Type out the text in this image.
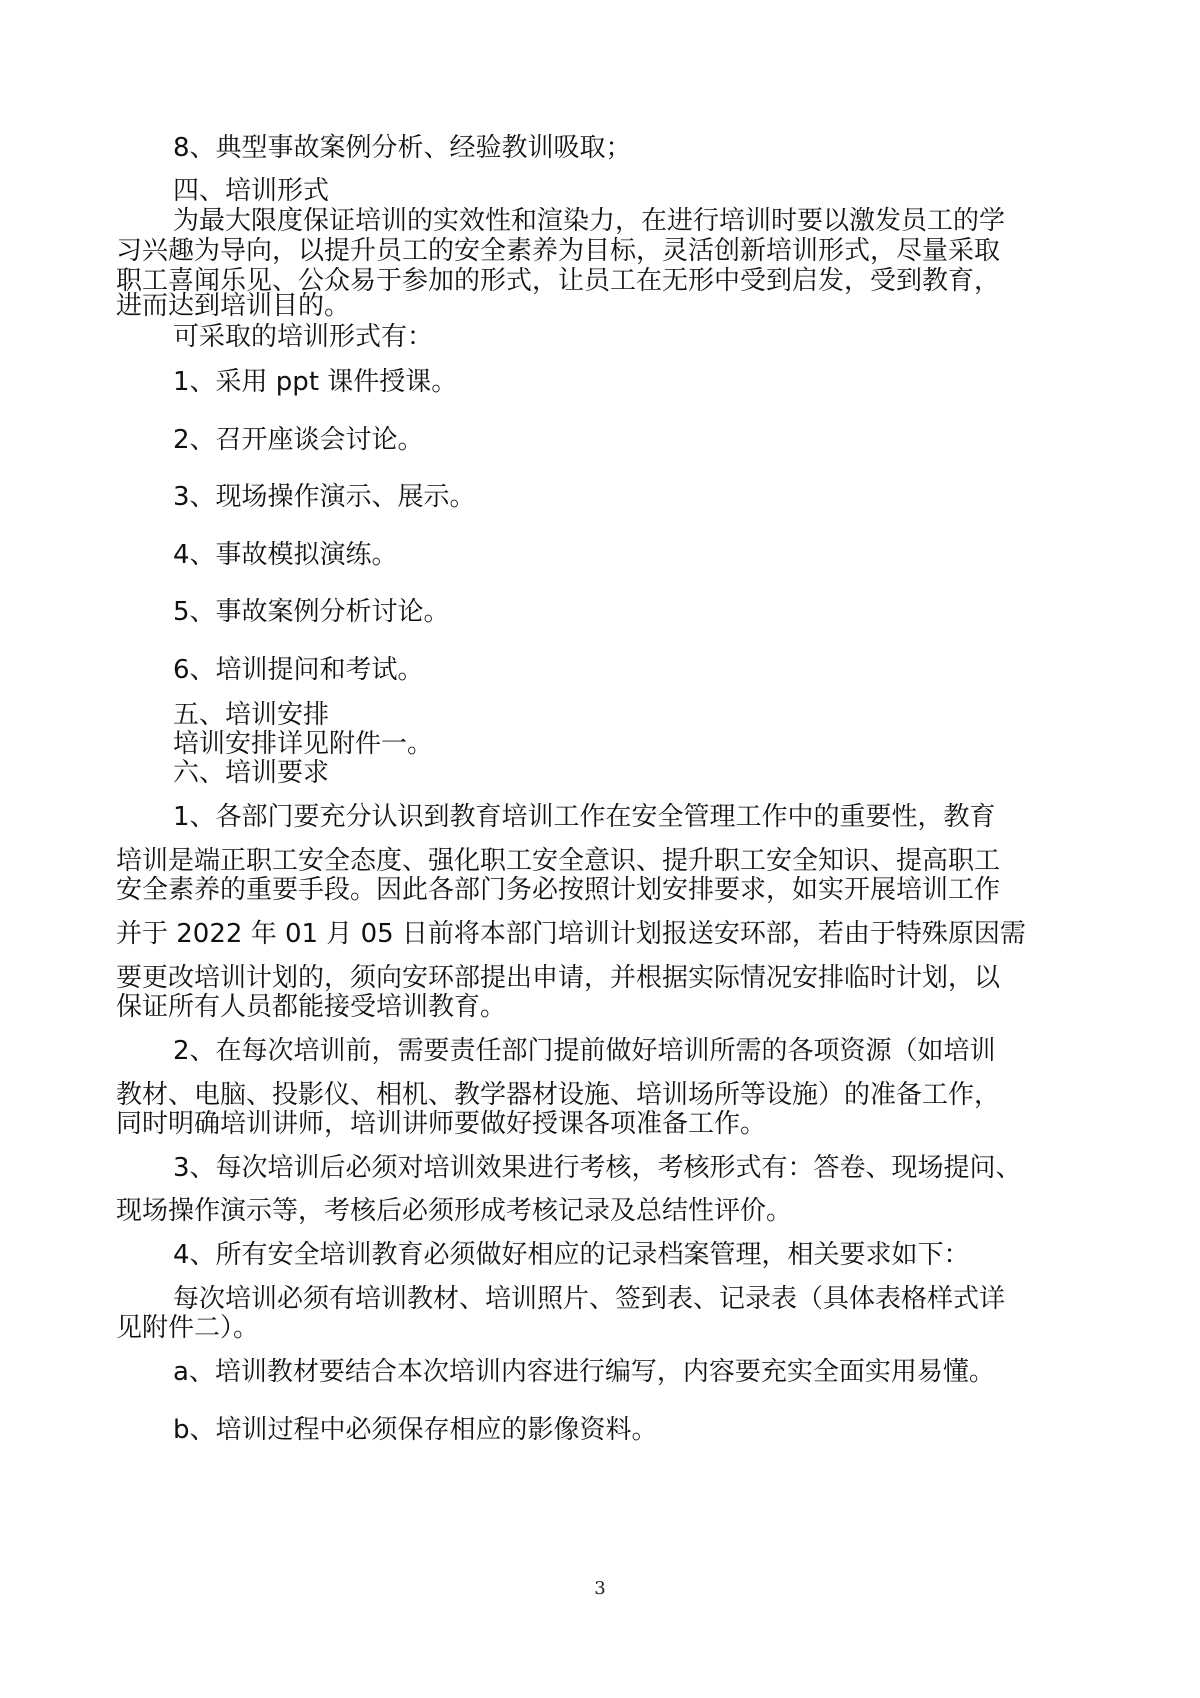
8、典型事故案例分析、经验教训吸取；

四、培训形式

为最大限度保证培训的实效性和渲染力，在进行培训时要以激发员工的学

习兴趣为导向，以提升员工的安全素养为目标，灵活创新培训形式，尽量采取

职工喜闻乐见、公众易于参加的形式，让员工在无形中受到启发，受到教育，

进而达到培训目的。

可采取的培训形式有：

1、采用 ppt 课件授课。

2、召开座谈会讨论。

3、现场操作演示、展示。

4、事故模拟演练。

5、事故案例分析讨论。

6、培训提问和考试。

五、培训安排

培训安排详见附件一。

六、培训要求

1、各部门要充分认识到教育培训工作在安全管理工作中的重要性，教育

培训是端正职工安全态度、强化职工安全意识、提升职工安全知识、提高职工

安全素养的重要手段。因此各部门务必按照计划安排要求，如实开展培训工作

并于 2022 年 01 月 05 日前将本部门培训计划报送安环部，若由于特殊原因需

要更改培训计划的，须向安环部提出申请，并根据实际情况安排临时计划，以

保证所有人员都能接受培训教育。

2、在每次培训前，需要责任部门提前做好培训所需的各项资源（如培训

教材、电脑、投影仪、相机、教学器材设施、培训场所等设施）的准备工作，

同时明确培训讲师，培训讲师要做好授课各项准备工作。

3、每次培训后必须对培训效果进行考核，考核形式有：答卷、现场提问、

现场操作演示等，考核后必须形成考核记录及总结性评价。

4、所有安全培训教育必须做好相应的记录档案管理，相关要求如下：

每次培训必须有培训教材、培训照片、签到表、记录表（具体表格样式详

见附件二）。

a、培训教材要结合本次培训内容进行编写，内容要充实全面实用易懂。

b、培训过程中必须保存相应的影像资料。

3
